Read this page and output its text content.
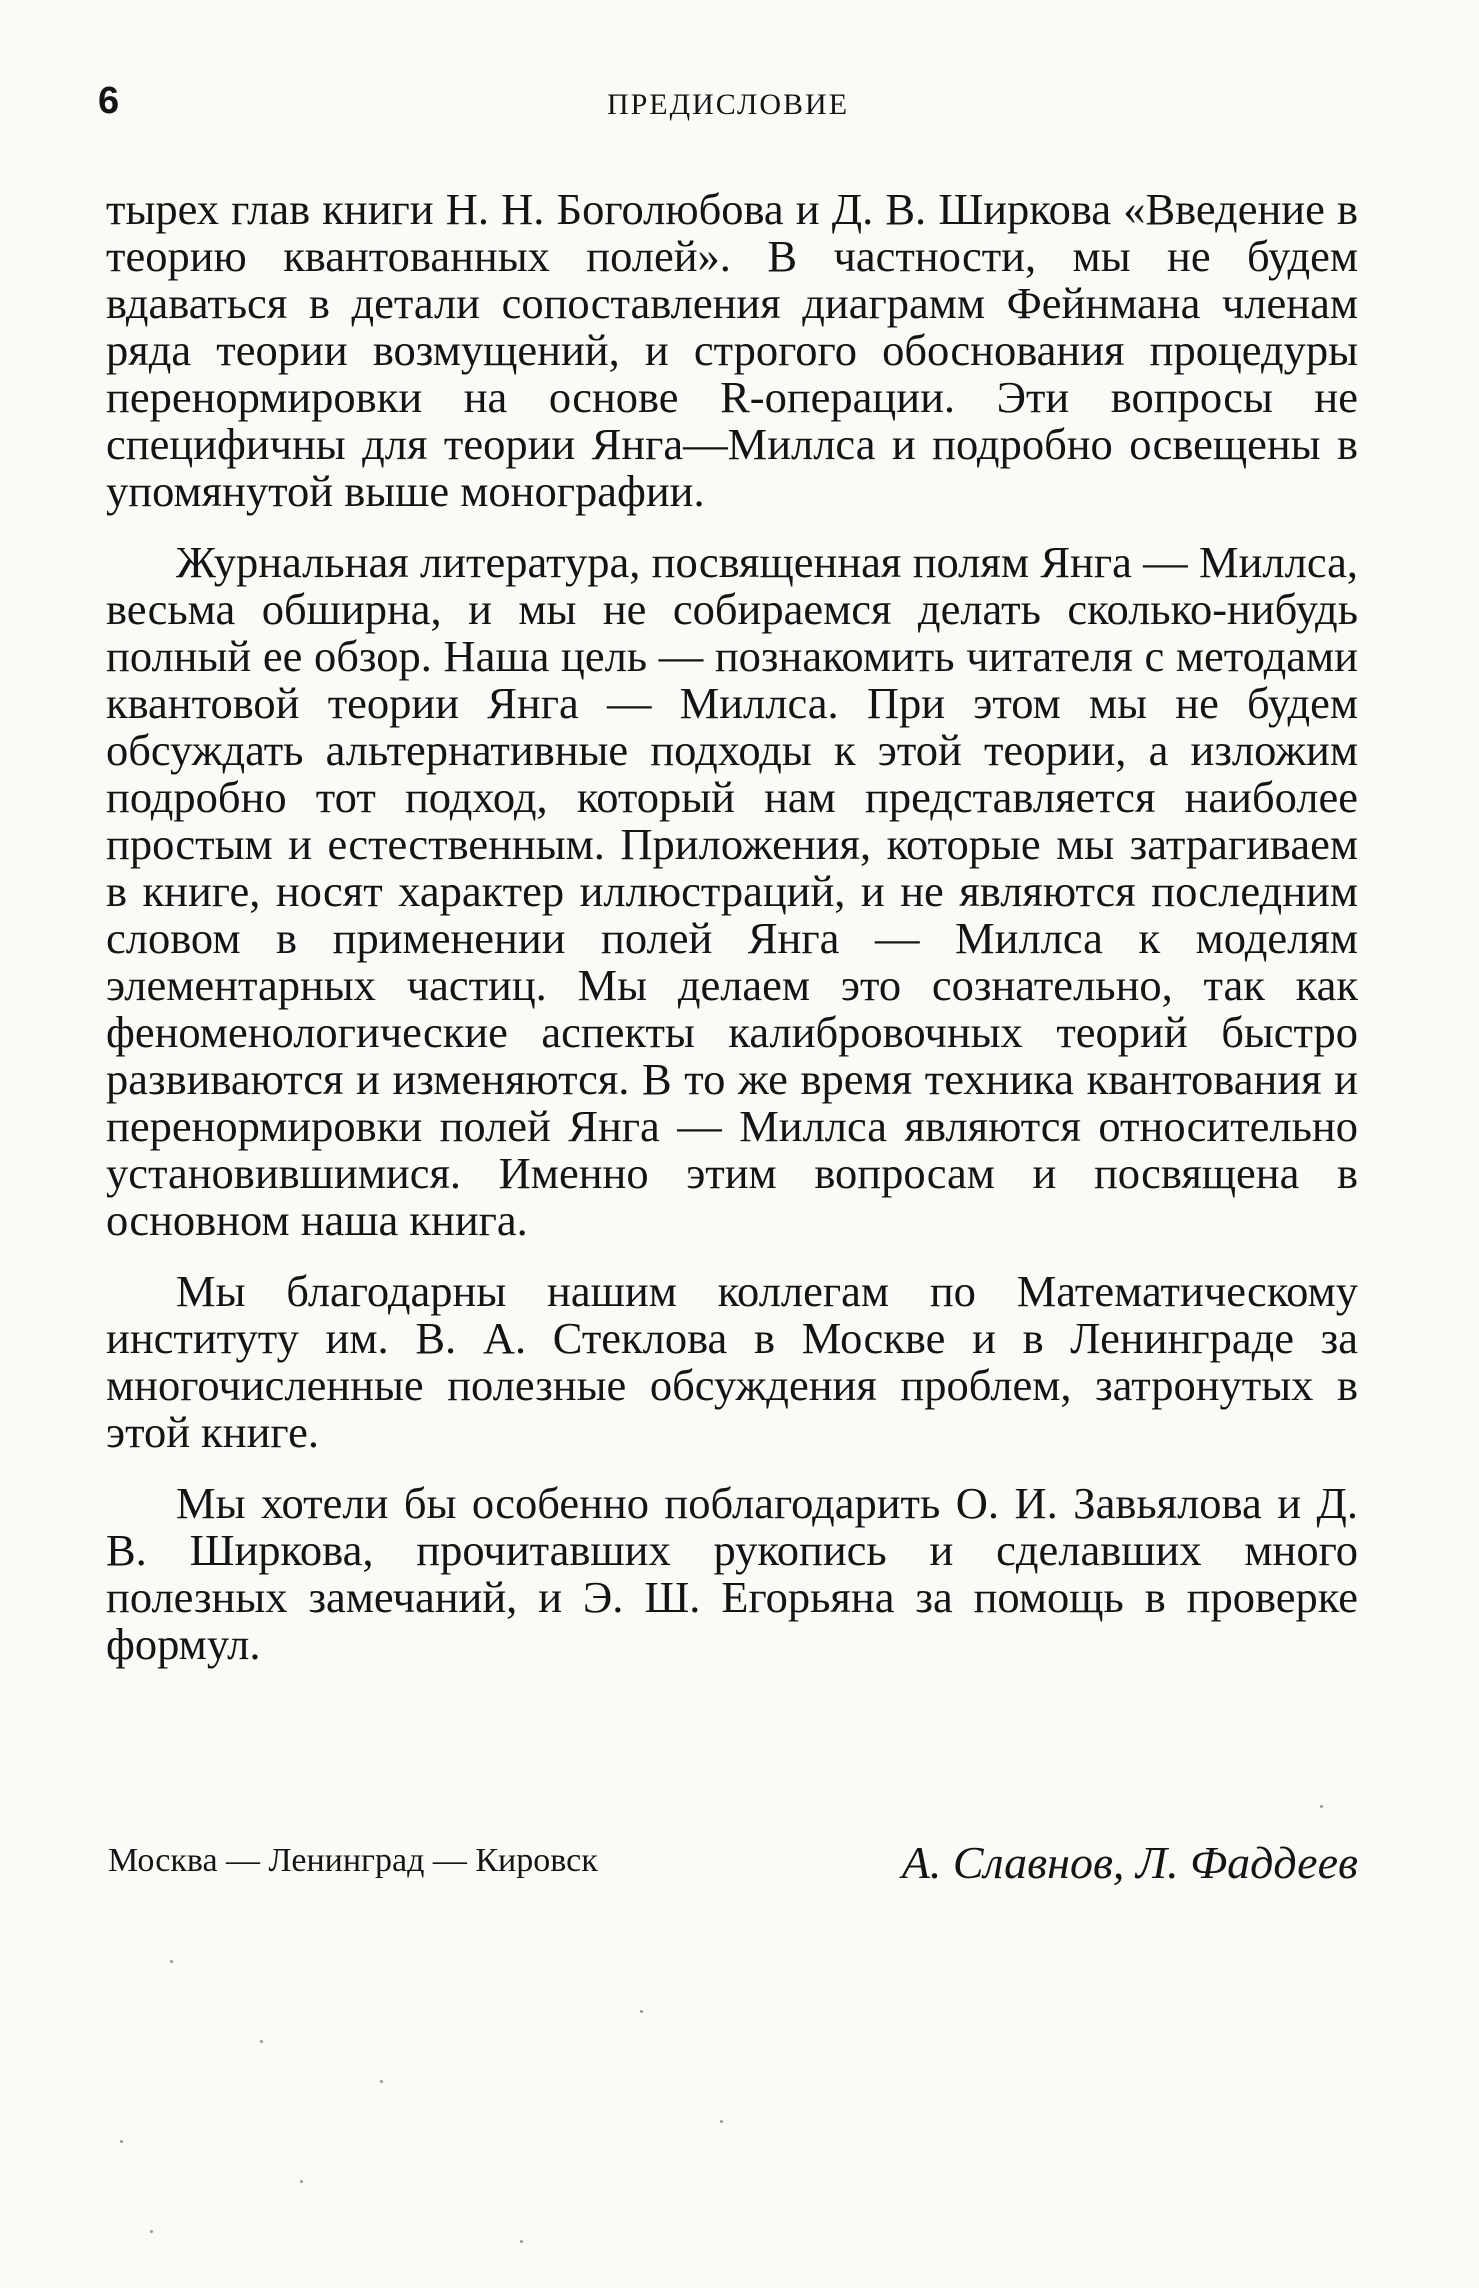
6	ПРЕДИСЛОВИЕ

тырех глав книги Н. Н. Боголюбова и Д. В. Ширкова «Введение в теорию квантованных полей». В частности, мы не будем вдаваться в детали сопоставления диаграмм Фейнмана членам ряда теории возмущений, и строгого обоснования процедуры перенормировки на основе R-операции. Эти вопросы не специфичны для теории Янга—Миллса и подробно освещены в упомянутой выше монографии.

Журнальная литература, посвященная полям Янга — Миллса, весьма обширна, и мы не собираемся делать сколько-нибудь полный ее обзор. Наша цель — познакомить читателя с методами квантовой теории Янга — Миллса. При этом мы не будем обсуждать альтернативные подходы к этой теории, а изложим подробно тот подход, который нам представляется наиболее простым и естественным. Приложения, которые мы затрагиваем в книге, носят характер иллюстраций, и не являются последним словом в применении полей Янга — Миллса к моделям элементарных частиц. Мы делаем это сознательно, так как феноменологические аспекты калибровочных теорий быстро развиваются и изменяются. В то же время техника квантования и перенормировки полей Янга — Миллса являются относительно установившимися. Именно этим вопросам и посвящена в основном наша книга.

Мы благодарны нашим коллегам по Математическому институту им. В. А. Стеклова в Москве и в Ленинграде за многочисленные полезные обсуждения проблем, затронутых в этой книге.

Мы хотели бы особенно поблагодарить О. И. Завьялова и Д. В. Ширкова, прочитавших рукопись и сделавших много полезных замечаний, и Э. Ш. Егорьяна за помощь в проверке формул.

Москва — Ленинград — Кировск	А. Славнов, Л. Фаддеев
